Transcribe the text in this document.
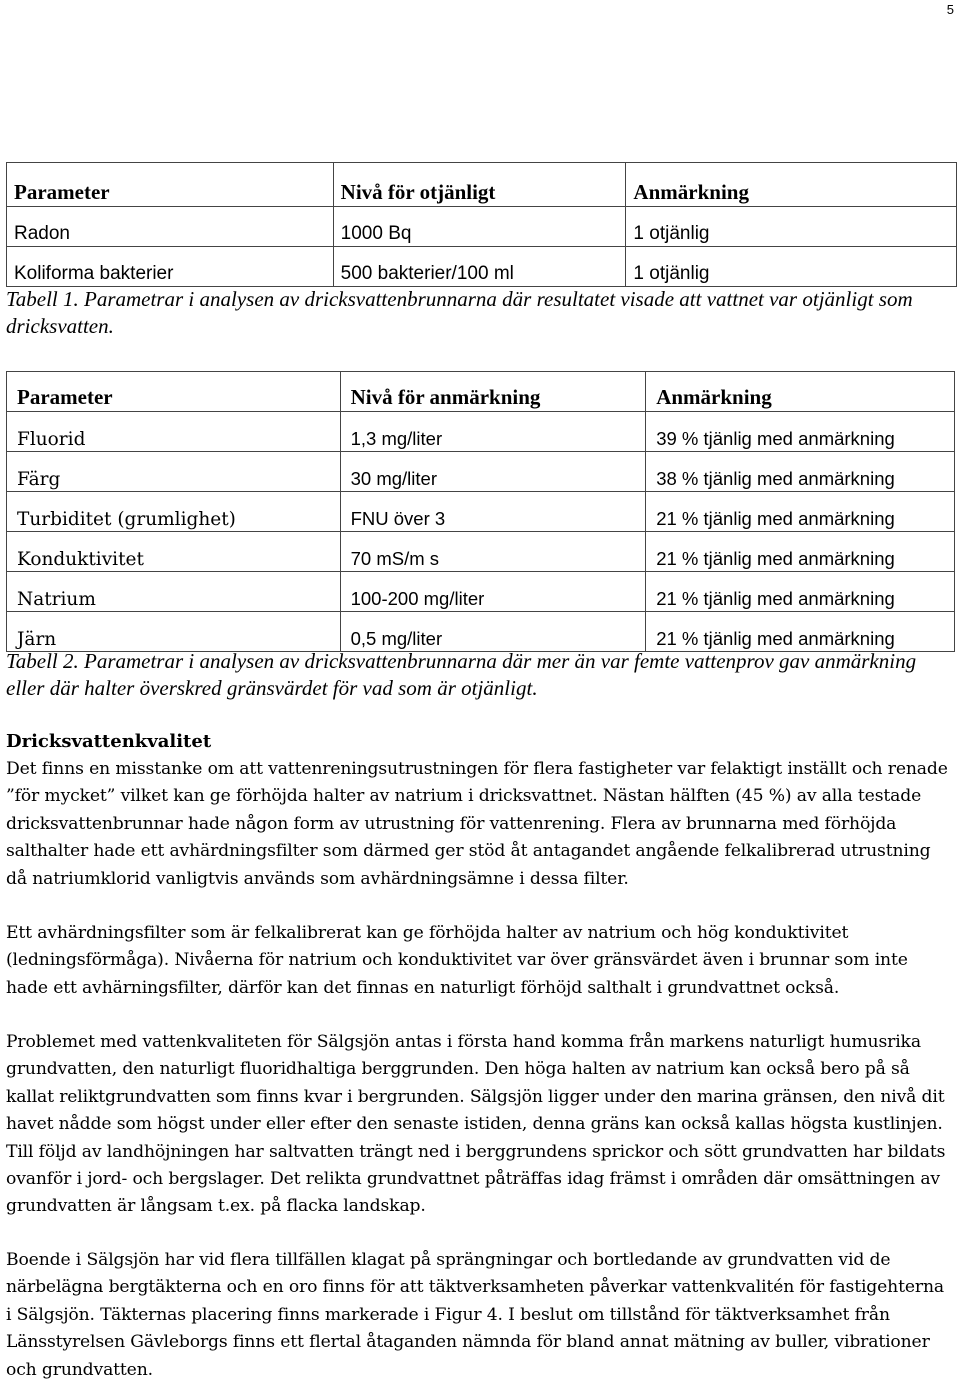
5
Parameter	Nivå för otjänligt	Anmärkning
Radon	1000 Bq	1 otjänlig
Koliforma bakterier	500 bakterier/100 ml	1 otjänlig
Tabell 1. Parametrar i analysen av dricksvattenbrunnarna där resultatet visade att vattnet var otjänligt som dricksvatten.
Parameter	Nivå för anmärkning	Anmärkning
Fluorid	1,3 mg/liter	39 % tjänlig med anmärkning
Färg	30 mg/liter	38 % tjänlig med anmärkning
Turbiditet (grumlighet)	FNU över 3	21 % tjänlig med anmärkning
Konduktivitet	70 mS/m s	21 % tjänlig med anmärkning
Natrium	100-200 mg/liter	21 % tjänlig med anmärkning
Järn	0,5 mg/liter	21 % tjänlig med anmärkning
Tabell 2. Parametrar i analysen av dricksvattenbrunnarna där mer än var femte vattenprov gav anmärkning eller där halter överskred gränsvärdet för vad som är otjänligt.
Dricksvattenkvalitet
Det finns en misstanke om att vattenreningsutrustningen för flera fastigheter var felaktigt inställt och renade ”för mycket” vilket kan ge förhöjda halter av natrium i dricksvattnet. Nästan hälften (45 %) av alla testade dricksvattenbrunnar hade någon form av utrustning för vattenrening. Flera av brunnarna med förhöjda salthalter hade ett avhärdningsfilter som därmed ger stöd åt antagandet angående felkalibrerad utrustning då natriumklorid vanligtvis används som avhärdningsämne i dessa filter.
Ett avhärdningsfilter som är felkalibrerat kan ge förhöjda halter av natrium och hög konduktivitet (ledningsförmåga). Nivåerna för natrium och konduktivitet var över gränsvärdet även i brunnar som inte hade ett avhärningsfilter, därför kan det finnas en naturligt förhöjd salthalt i grundvattnet också.
Problemet med vattenkvaliteten för Sälgsjön antas i första hand komma från markens naturligt humusrika grundvatten, den naturligt fluoridhaltiga berggrunden. Den höga halten av natrium kan också bero på så kallat reliktgrundvatten som finns kvar i bergrunden. Sälgsjön ligger under den marina gränsen, den nivå dit havet nådde som högst under eller efter den senaste istiden, denna gräns kan också kallas högsta kustlinjen. Till följd av landhöjningen har saltvatten trängt ned i berggrundens sprickor och sött grundvatten har bildats ovanför i jord- och bergslager. Det relikta grundvattnet påträffas idag främst i områden där omsättningen av grundvatten är långsam t.ex. på flacka landskap.
Boende i Sälgsjön har vid flera tillfällen klagat på sprängningar och bortledande av grundvatten vid de närbelägna bergtäkterna och en oro finns för att täktverksamheten påverkar vattenkvalitén för fastigehterna i Sälgsjön. Täkternas placering finns markerade i Figur 4. I beslut om tillstånd för täktverksamhet från Länsstyrelsen Gävleborgs finns ett flertal åtaganden nämnda för bland annat mätning av buller, vibrationer och grundvatten.
